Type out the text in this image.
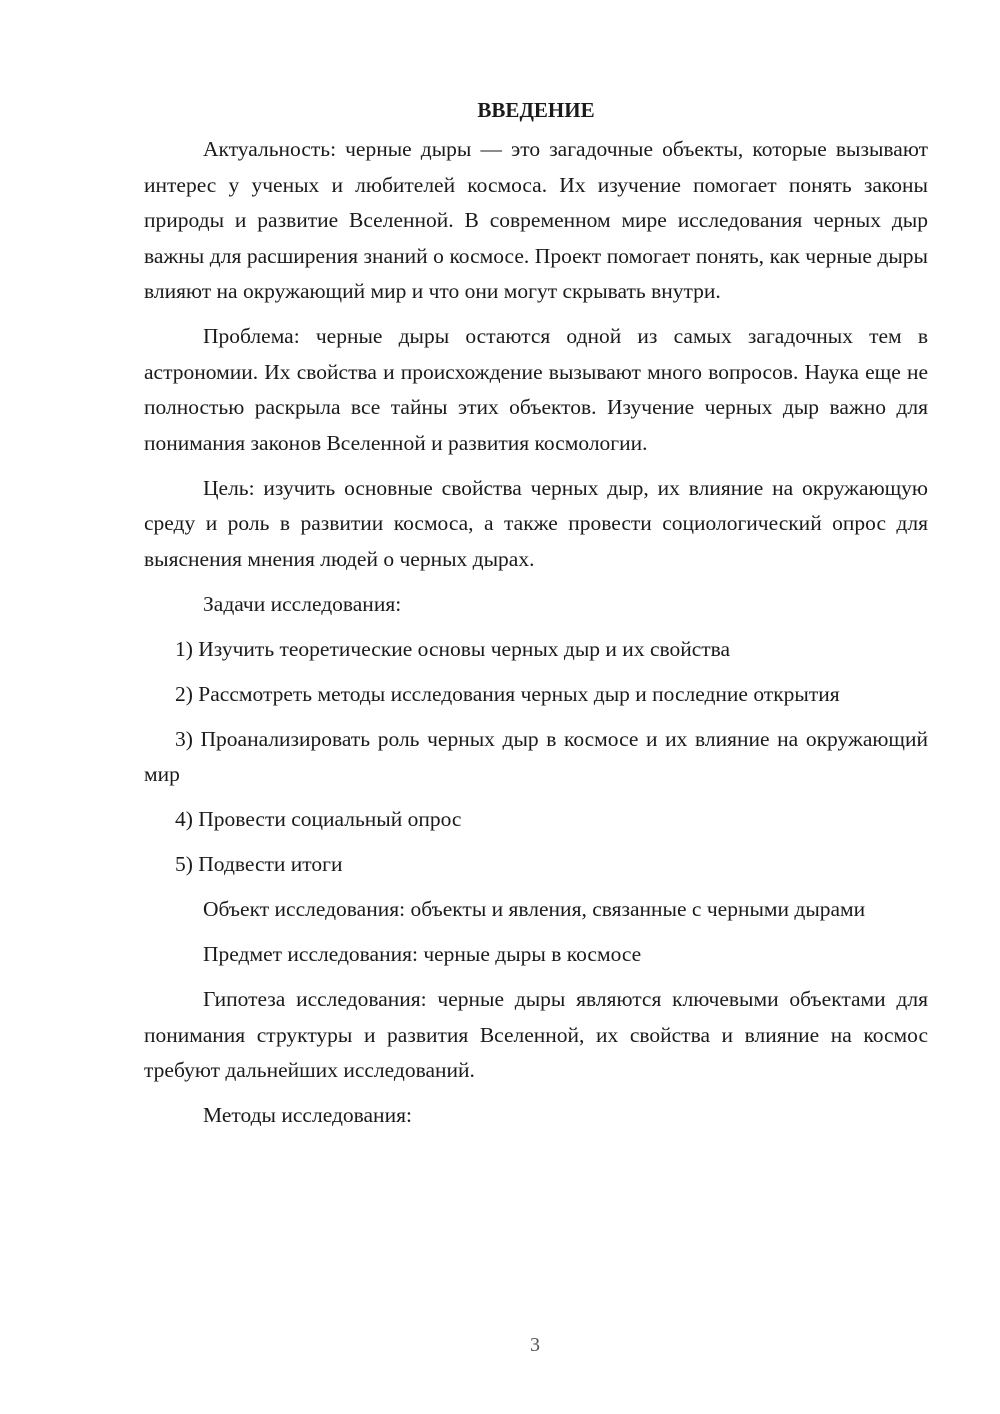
ВВЕДЕНИЕ

Актуальность: черные дыры — это загадочные объекты, которые вызывают интерес у ученых и любителей космоса. Их изучение помогает понять законы природы и развитие Вселенной. В современном мире исследования черных дыр важны для расширения знаний о космосе. Проект помогает понять, как черные дыры влияют на окружающий мир и что они могут скрывать внутри.

Проблема: черные дыры остаются одной из самых загадочных тем в астрономии. Их свойства и происхождение вызывают много вопросов. Наука еще не полностью раскрыла все тайны этих объектов. Изучение черных дыр важно для понимания законов Вселенной и развития космологии.

Цель: изучить основные свойства черных дыр, их влияние на окружающую среду и роль в развитии космоса, а также провести социологический опрос для выяснения мнения людей о черных дырах.

Задачи исследования:

1) Изучить теоретические основы черных дыр и их свойства

2) Рассмотреть методы исследования черных дыр и последние открытия

3) Проанализировать роль черных дыр в космосе и их влияние на окружающий мир

4) Провести социальный опрос

5) Подвести итоги

Объект исследования: объекты и явления, связанные с черными дырами

Предмет исследования: черные дыры в космосе

Гипотеза исследования: черные дыры являются ключевыми объектами для понимания структуры и развития Вселенной, их свойства и влияние на космос требуют дальнейших исследований.

Методы исследования:

3
